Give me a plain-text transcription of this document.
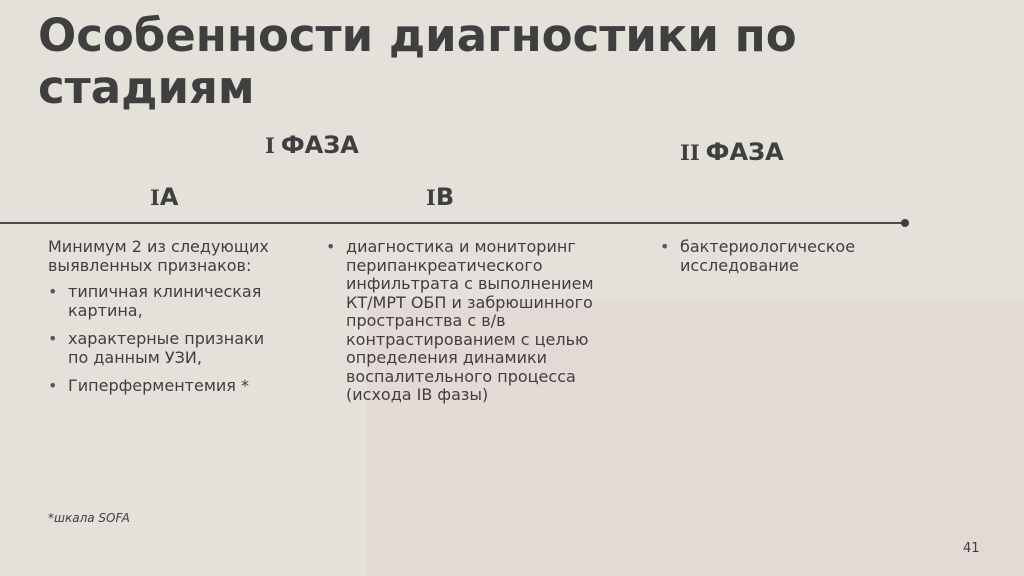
Особенности диагностики по стадиям
I ФАЗА	II ФАЗА
IА	IВ

Минимум 2 из следующих выявленных признаков:

• типичная клиническая картина,
• характерные признаки по данным УЗИ,
• Гиперферментемия *
• диагностика и мониторинг перипанкреатического инфильтрата с выполнением КТ/МРТ ОБП и забрюшинного пространства с в/в контрастированием с целью определения динамики воспалительного процесса (исхода IB фазы)
• бактериологическое исследование
*шкала SOFA
41
